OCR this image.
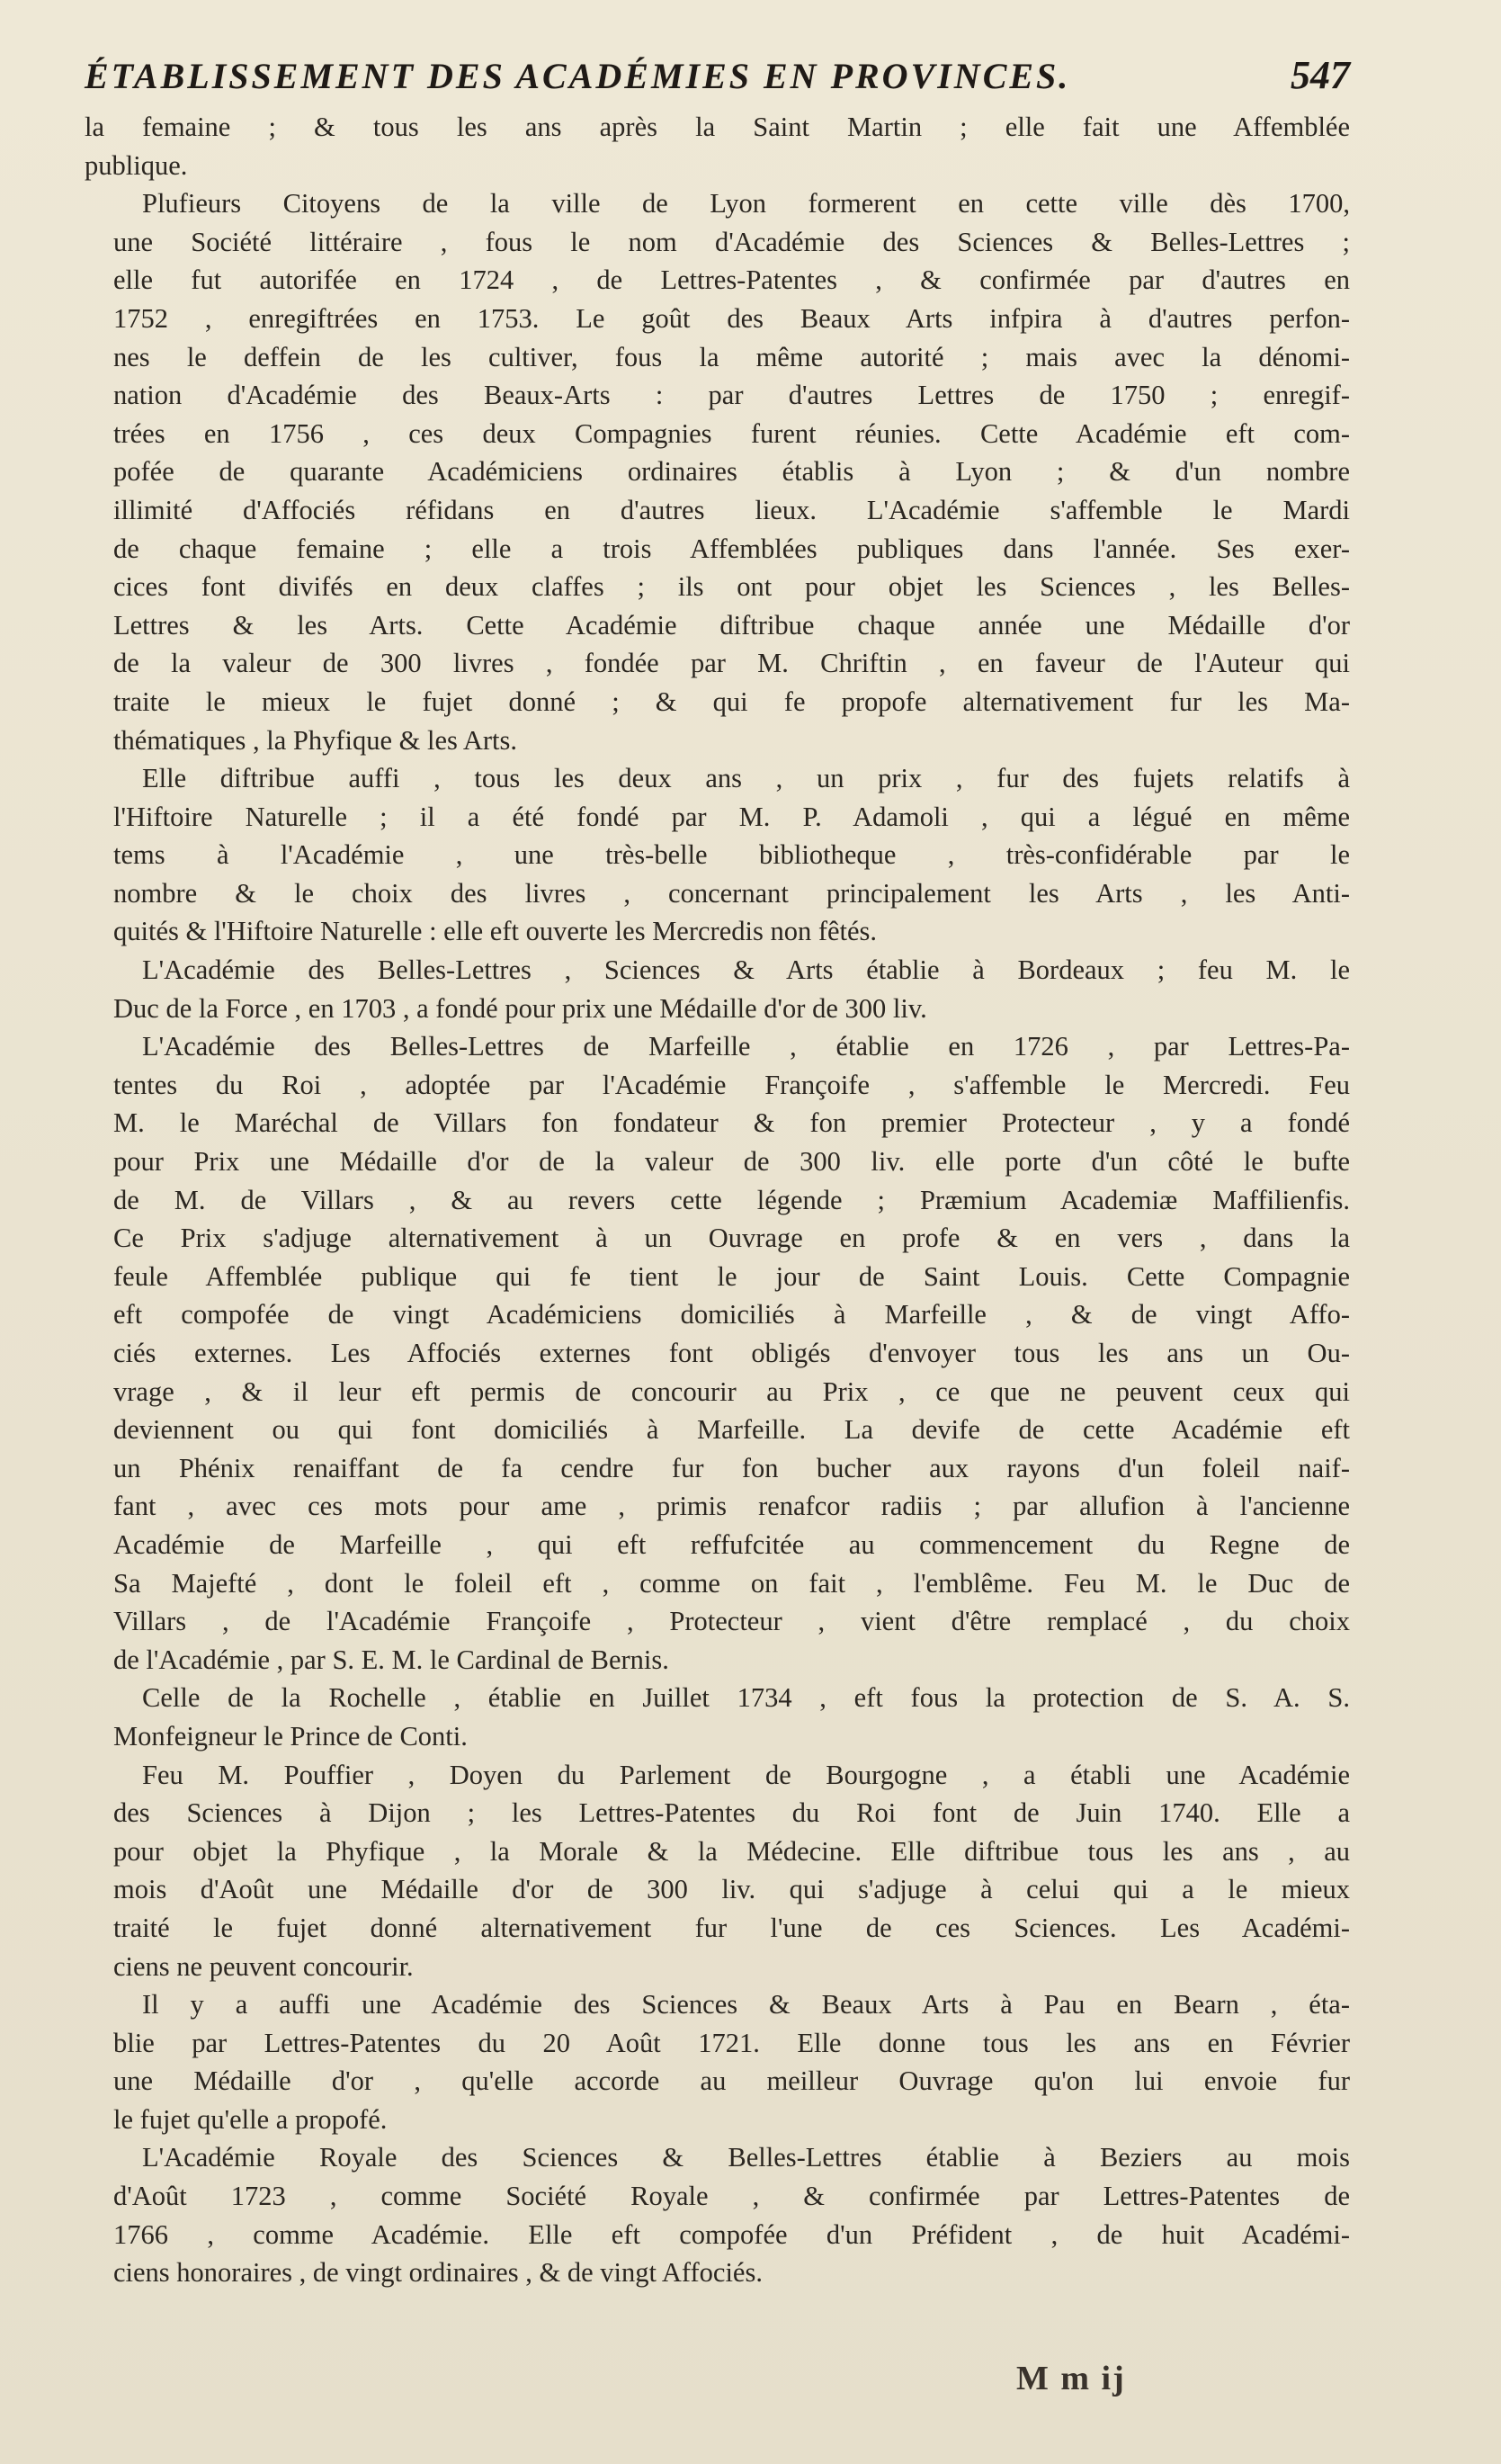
ÉTABLISSEMENT DES ACADÉMIES EN PROVINCES.	547
la femaine ; & tous les ans après la Saint Martin ; elle fait une Affemblée
publique.
Plufieurs Citoyens de la ville de Lyon formerent en cette ville dès 1700,
une Société littéraire , fous le nom d'Académie des Sciences & Belles-Lettres ;
elle fut autorifée en 1724 , de Lettres-Patentes , & confirmée par d'autres en
1752 , enregiftrées en 1753. Le goût des Beaux Arts infpira à d'autres perfon-
nes le deffein de les cultiver, fous la même autorité ; mais avec la dénomi-
nation d'Académie des Beaux-Arts : par d'autres Lettres de 1750 ; enregif-
trées en 1756 , ces deux Compagnies furent réunies. Cette Académie eft com-
pofée de quarante Académiciens ordinaires établis à Lyon ; & d'un nombre
illimité d'Affociés réfidans en d'autres lieux. L'Académie s'affemble le Mardi
de chaque femaine ; elle a trois Affemblées publiques dans l'année. Ses exer-
cices font divifés en deux claffes ; ils ont pour objet les Sciences , les Belles-
Lettres & les Arts. Cette Académie diftribue chaque année une Médaille d'or
de la valeur de 300 livres , fondée par M. Chriftin , en faveur de l'Auteur qui
traite le mieux le fujet donné ; & qui fe propofe alternativement fur les Ma-
thématiques , la Phyfique & les Arts.
Elle diftribue auffi , tous les deux ans , un prix , fur des fujets relatifs à
l'Hiftoire Naturelle ; il a été fondé par M. P. Adamoli , qui a légué en même
tems à l'Académie , une très-belle bibliotheque , très-confidérable par le
nombre & le choix des livres , concernant principalement les Arts , les Anti-
quités & l'Hiftoire Naturelle : elle eft ouverte les Mercredis non fêtés.
L'Académie des Belles-Lettres , Sciences & Arts établie à Bordeaux ; feu M. le
Duc de la Force , en 1703 , a fondé pour prix une Médaille d'or de 300 liv.
L'Académie des Belles-Lettres de Marfeille , établie en 1726 , par Lettres-Pa-
tentes du Roi , adoptée par l'Académie Françoife , s'affemble le Mercredi. Feu
M. le Maréchal de Villars fon fondateur & fon premier Protecteur , y a fondé
pour Prix une Médaille d'or de la valeur de 300 liv. elle porte d'un côté le bufte
de M. de Villars , & au revers cette légende ; Præmium Academiæ Maffilienfis.
Ce Prix s'adjuge alternativement à un Ouvrage en profe & en vers , dans la
feule Affemblée publique qui fe tient le jour de Saint Louis. Cette Compagnie
eft compofée de vingt Académiciens domiciliés à Marfeille , & de vingt Affo-
ciés externes. Les Affociés externes font obligés d'envoyer tous les ans un Ou-
vrage , & il leur eft permis de concourir au Prix , ce que ne peuvent ceux qui
deviennent ou qui font domiciliés à Marfeille. La devife de cette Académie eft
un Phénix renaiffant de fa cendre fur fon bucher aux rayons d'un foleil naif-
fant , avec ces mots pour ame , primis renafcor radiis ; par allufion à l'ancienne
Académie de Marfeille , qui eft reffufcitée au commencement du Regne de
Sa Majefté , dont le foleil eft , comme on fait , l'emblême. Feu M. le Duc de
Villars , de l'Académie Françoife , Protecteur , vient d'être remplacé , du choix
de l'Académie , par S. E. M. le Cardinal de Bernis.
Celle de la Rochelle , établie en Juillet 1734 , eft fous la protection de S. A. S.
Monfeigneur le Prince de Conti.
Feu M. Pouffier , Doyen du Parlement de Bourgogne , a établi une Académie
des Sciences à Dijon ; les Lettres-Patentes du Roi font de Juin 1740. Elle a
pour objet la Phyfique , la Morale & la Médecine. Elle diftribue tous les ans , au
mois d'Août une Médaille d'or de 300 liv. qui s'adjuge à celui qui a le mieux
traité le fujet donné alternativement fur l'une de ces Sciences. Les Académi-
ciens ne peuvent concourir.
Il y a auffi une Académie des Sciences & Beaux Arts à Pau en Bearn , éta-
blie par Lettres-Patentes du 20 Août 1721. Elle donne tous les ans en Février
une Médaille d'or , qu'elle accorde au meilleur Ouvrage qu'on lui envoie fur
le fujet qu'elle a propofé.
L'Académie Royale des Sciences & Belles-Lettres établie à Beziers au mois
d'Août 1723 , comme Société Royale , & confirmée par Lettres-Patentes de
1766 , comme Académie. Elle eft compofée d'un Préfident , de huit Académi-
ciens honoraires , de vingt ordinaires , & de vingt Affociés.
M m ij
